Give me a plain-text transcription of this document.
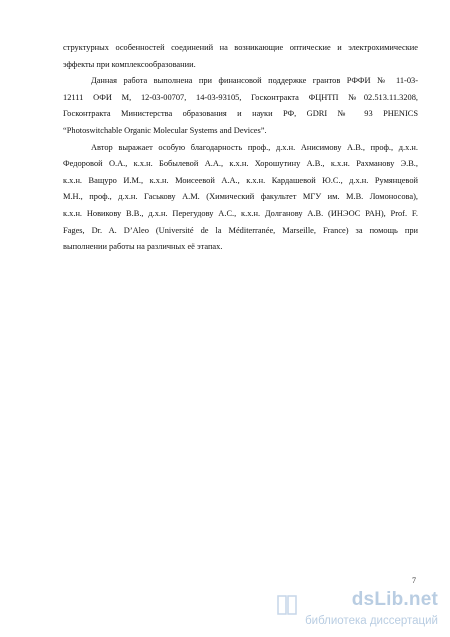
структурных особенностей соединений на возникающие оптические и электрохимические
эффекты при комплексообразовании.
Данная работа выполнена при финансовой поддержке грантов РФФИ № 11-03-
12111 ОФИ М, 12-03-00707, 14-03-93105, Госконтракта ФЦНТП №02.513.11.3208,
Госконтракта Министерства образования и науки РФ, GDRI № 93 PHENICS
“Photoswitchable Organic Molecular Systems and Devices”.
Автор выражает особую благодарность проф., д.х.н. Анисимову А.В., проф., д.х.н.
Федоровой О.А., к.х.н. Бобылевой А.А., к.х.н. Хорошутину А.В., к.х.н. Рахманову Э.В.,
к.х.н. Ващуро И.М., к.х.н. Моисеевой А.А., к.х.н. Кардашевой Ю.С., д.х.н. Румянцевой
М.Н., проф., д.х.н. Гаськову А.М. (Химический факультет МГУ им. М.В. Ломоносова),
к.х.н. Новикову В.В., д.х.н. Перегудову А.С., к.х.н. Долганову А.В. (ИНЭОС РАН), Prof. F.
Fages, Dr. A. D’Aleo (Université de la Méditerranée, Marseille, France) за помощь при
выполнении работы на различных её этапах.
7
dsLib.net
библиотека диссертаций
